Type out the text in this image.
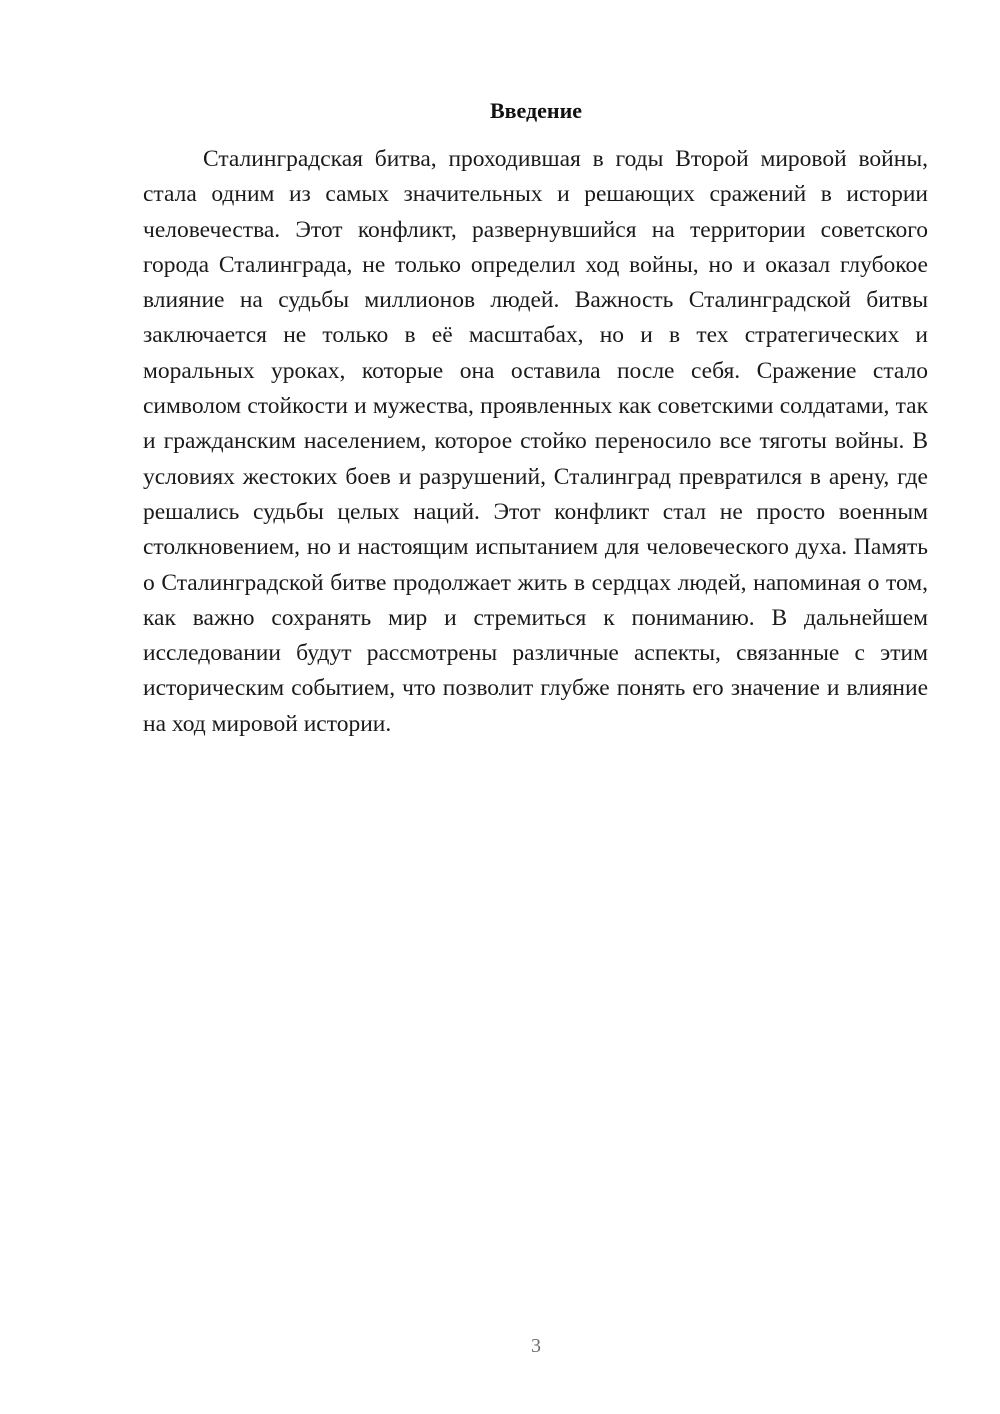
Введение

Сталинградская битва, проходившая в годы Второй мировой войны, стала одним из самых значительных и решающих сражений в истории человечества. Этот конфликт, развернувшийся на территории советского города Сталинграда, не только определил ход войны, но и оказал глубокое влияние на судьбы миллионов людей. Важность Сталинградской битвы заключается не только в её масштабах, но и в тех стратегических и моральных уроках, которые она оставила после себя. Сражение стало символом стойкости и мужества, проявленных как советскими солдатами, так и гражданским населением, которое стойко переносило все тяготы войны. В условиях жестоких боев и разрушений, Сталинград превратился в арену, где решались судьбы целых наций. Этот конфликт стал не просто военным столкновением, но и настоящим испытанием для человеческого духа. Память о Сталинградской битве продолжает жить в сердцах людей, напоминая о том, как важно сохранять мир и стремиться к пониманию. В дальнейшем исследовании будут рассмотрены различные аспекты, связанные с этим историческим событием, что позволит глубже понять его значение и влияние на ход мировой истории.

3
